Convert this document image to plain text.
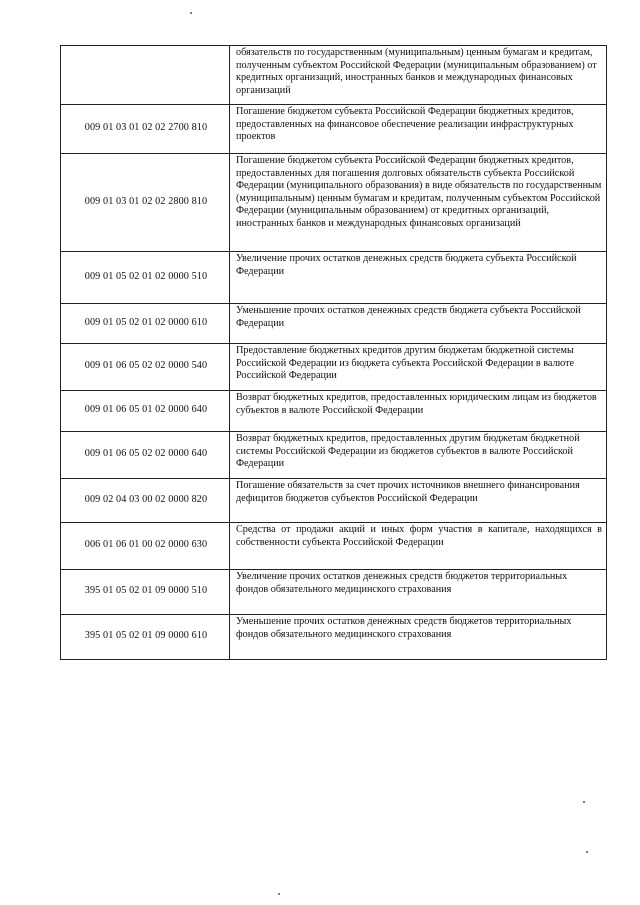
	обязательств по государственным (муниципальным) ценным бумагам и кредитам, полученным субъектом Российской Федерации (муниципальным образованием) от кредитных организаций, иностранных банков и международных финансовых организаций
009 01 03 01 02 02 2700 810	Погашение бюджетом субъекта Российской Федерации бюджетных кредитов, предоставленных на финансовое обеспечение реализации инфраструктурных проектов
009 01 03 01 02 02 2800 810	Погашение бюджетом субъекта Российской Федерации бюджетных кредитов, предоставленных для погашения долговых обязательств субъекта Российской Федерации (муниципального образования) в виде обязательств по государственным (муниципальным) ценным бумагам и кредитам, полученным субъектом Российской Федерации (муниципальным образованием) от кредитных организаций, иностранных банков и международных финансовых организаций
009 01 05 02 01 02 0000 510	Увеличение прочих остатков денежных средств бюджета субъекта Российской Федерации
009 01 05 02 01 02 0000 610	Уменьшение прочих остатков денежных средств бюджета субъекта Российской Федерации
009 01 06 05 02 02 0000 540	Предоставление бюджетных кредитов другим бюджетам бюджетной системы Российской Федерации из бюджета субъекта Российской Федерации в валюте Российской Федерации
009 01 06 05 01 02 0000 640	Возврат бюджетных кредитов, предоставленных юридическим лицам из бюджетов субъектов в валюте Российской Федерации
009 01 06 05 02 02 0000 640	Возврат бюджетных кредитов, предоставленных другим бюджетам бюджетной системы Российской Федерации из бюджетов субъектов в валюте Российской Федерации
009 02 04 03 00 02 0000 820	Погашение обязательств за счет прочих источников внешнего финансирования дефицитов бюджетов субъектов Российской Федерации
006 01 06 01 00 02 0000 630	Средства от продажи акций и иных форм участия в капитале, находящихся в собственности субъекта Российской Федерации
395 01 05 02 01 09 0000 510	Увеличение прочих остатков денежных средств бюджетов территориальных фондов обязательного медицинского страхования
395 01 05 02 01 09 0000 610	Уменьшение прочих остатков денежных средств бюджетов территориальных фондов обязательного медицинского страхования
